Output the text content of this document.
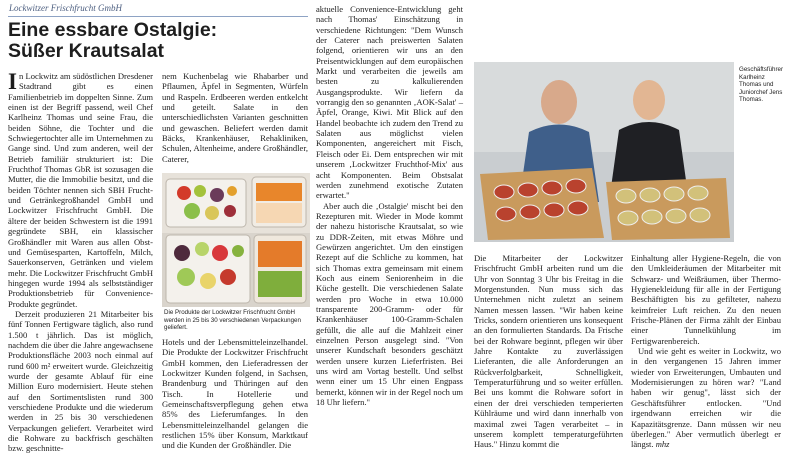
Lockwitzer Frischfrucht GmbH
Eine essbare Ostalgie:
Süßer Krautsalat

In Lockwitz am südöstlichen Dresdener Stadtrand gibt es einen Familienbetrieb im doppelten Sinne. Zum einen ist der Begriff passend, weil Chef Karlheinz Thomas und seine Frau, die beiden Söhne, die Tochter und die Schwiegertochter alle im Unternehmen zu Gange sind. Und zum anderen, weil der Betrieb familiär strukturiert ist: Die Fruchthof Thomas GbR ist sozusagen die Mutter, die die Immobilie besitzt, und die beiden Töchter nennen sich SBH Frucht- und Getränkegroßhandel GmbH und Lockwitzer Frischfrucht GmbH. Die ältere der beiden Schwestern ist die 1991 gegründete SBH, ein klassischer Großhändler mit Waren aus allen Obst- und Gemüsesparten, Kartoffeln, Milch, Sauerkonserven, Getränken und vielem mehr. Die Lockwitzer Frischfrucht GmbH hingegen wurde 1994 als selbstständiger Produktionsbetrieb für Convenience-Produkte gegründet.

Derzeit produzieren 21 Mitarbeiter bis fünf Tonnen Fertigware täglich, also rund 1.500 t jährlich. Das ist möglich, nachdem die über die Jahre angewachsene Produktionsfläche 2003 noch einmal auf rund 600 m² erweitert wurde. Gleichzeitig wurde der gesamte Ablauf für eine Million Euro modernisiert. Heute stehen auf den Sortimentslisten rund 300 verschiedene Produkte und die wiederum werden in 25 bis 30 verschiedenen Verpackungen geliefert. Verarbeitet wird die Rohware zu backfrisch geschälten bzw. geschnitte-

nem Kuchenbelag wie Rhabarber und Pflaumen, Äpfel in Segmenten, Würfeln und Raspeln. Erdbeeren werden entkelcht und geteilt. Salate in den unterschiedlichsten Varianten geschnitten und gewaschen. Beliefert werden damit Bäcks, Krankenhäuser, Rehakliniken, Schulen, Altenheime, andere Großhändler, Caterer,

Die Produkte der Lockwitzer Frischfrucht GmbH werden in 25 bis 30 verschiedenen Verpackungen geliefert.

Hotels und der Lebensmitteleinzelhandel. Die Produkte der Lockwitzer Frischfrucht GmbH kommen, den Lieferadressen der Lockwitzer Kunden folgend, in Sachsen, Brandenburg und Thüringen auf den Tisch. In Hotellerie und Gemeinschaftsverpflegung gehen etwa 85% des Lieferumfanges. In den Lebensmitteleinzelhandel gelangen die restlichen 15% über Konsum, Marktkauf und die Kunden der Großhändler. Die

aktuelle Convenience-Entwicklung geht nach Thomas' Einschätzung in verschiedene Richtungen: "Dem Wunsch der Caterer nach preiswerten Salaten folgend, orientieren wir uns an den Preisentwicklungen auf dem europäischen Markt und verarbeiten die jeweils am besten zu kalkulierenden Ausgangsprodukte. Wir liefern da vorrangig den so genannten ‚AOK-Salat' – Äpfel, Orange, Kiwi. Mit Blick auf den Handel beobachte ich zudem den Trend zu Salaten aus möglichst vielen Komponenten, angereichert mit Fisch, Fleisch oder Ei. Dem entsprechen wir mit unserem ‚Lockwitzer Fruchthof-Mix' aus acht Komponenten. Beim Obstsalat werden zunehmend exotische Zutaten erwartet."

Aber auch die ‚Ostalgie' mischt bei den Rezepturen mit. Wieder in Mode kommt der nahezu historische Krautsalat, so wie zu DDR-Zeiten, mit etwas Möhre und Gewürzen angerichtet. Um den einstigen Rezept auf die Schliche zu kommen, hat sich Thomas extra gemeinsam mit einem Koch aus einem Seniorenheim in die Küche gestellt. Die verschiedenen Salate werden pro Woche in etwa 10.000 transparente 200-Gramm- oder für Krankenhäuser 100-Gramm-Schalen gefüllt, die alle auf die Mahlzeit einer einzelnen Person ausgelegt sind. "Von unserer Kundschaft besonders geschätzt werden unsere kurzen Lieferfristen. Bei uns wird am Vortag bestellt. Und selbst wenn einer um 15 Uhr einen Engpass bemerkt, können wir in der Regel noch um 18 Uhr liefern."

Geschäftsführer Karlheinz Thomas und Juniorchef Jens Thomas.

Die Mitarbeiter der Lockwitzer Frischfrucht GmbH arbeiten rund um die Uhr von Sonntag 3 Uhr bis Freitag in die Morgenstunden. Nun muss sich das Unternehmen nicht zuletzt an seinem Namen messen lassen. "Wir haben keine Tricks, sondern orientieren uns konsequent an den formulierten Standards. Da Frische bei der Rohware beginnt, pflegen wir über Jahre Kontakte zu zuverlässigen Lieferanten, die alle Anforderungen an Rückverfolgbarkeit, Schnelligkeit, Temperaturführung und so weiter erfüllen. Bei uns kommt die Rohware sofort in einen der drei verschieden temperierten Kühlräume und wird dann innerhalb von maximal zwei Tagen verarbeitet – in unserem komplett temperaturgeführten Haus." Hinzu kommt die

Einhaltung aller Hygiene-Regeln, die von den Umkleideräumen der Mitarbeiter mit Schwarz- und Weißräumen, über Thermo-Hygienekleidung für alle in der Fertigung Beschäftigten bis zu gefilteter, nahezu keimfreier Luft reichen. Zu den neuen Frische-Plänen der Firma zählt der Einbau einer Tunnelkühlung im Fertigwarenbereich.

Und wie geht es weiter in Lockwitz, wo in den vergangenen 15 Jahren immer wieder von Erweiterungen, Umbauten und Modernisierungen zu hören war? "Land haben wir genug", lässt sich der Geschäftsführer entlocken. "Und irgendwann erreichen wir die Kapazitätsgrenze. Dann müssen wir neu überlegen." Aber vermutlich überlegt er längst. mhz
